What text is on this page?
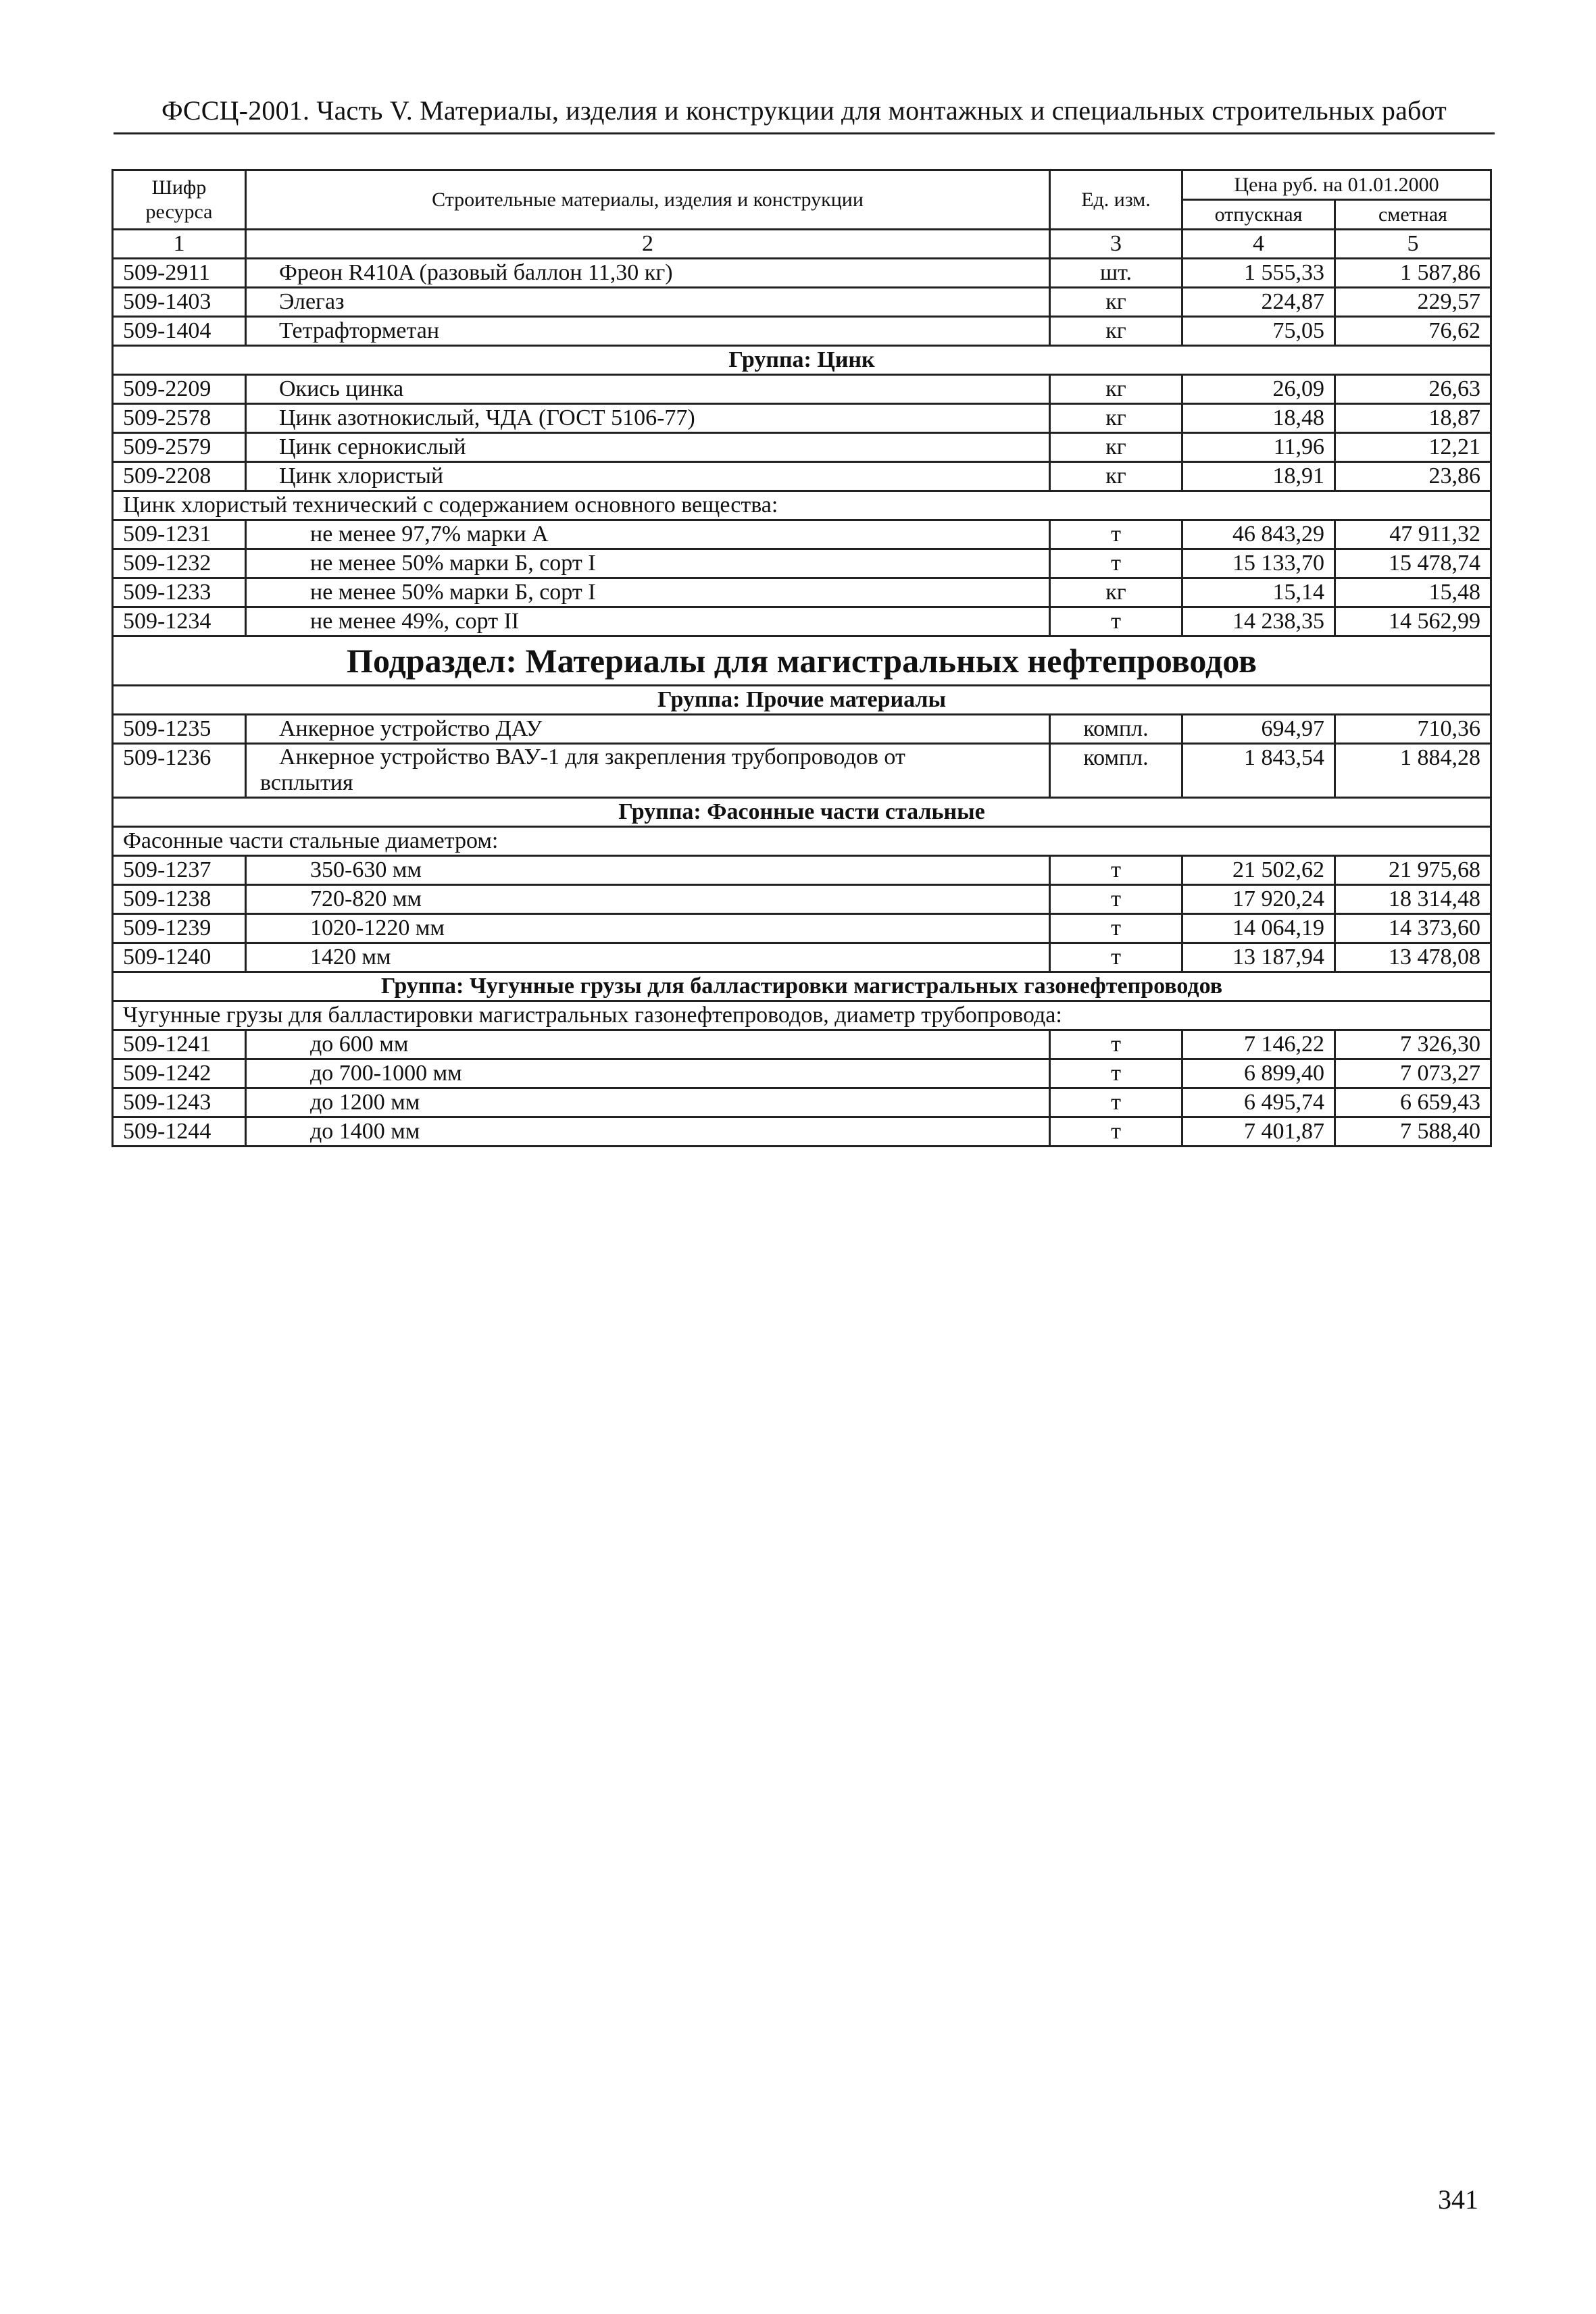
ФССЦ-2001. Часть V. Материалы, изделия и конструкции для монтажных и специальных строительных работ
Шифр ресурса	Строительные материалы, изделия и конструкции	Ед. изм.	Цена руб. на 01.01.2000	
			отпускная	сметная
1	2	3	4	5
509-2911	Фреон R410A (разовый баллон 11,30 кг)	шт.	1 555,33	1 587,86
509-1403	Элегаз	кг	224,87	229,57
509-1404	Тетрафторметан	кг	75,05	76,62
Группа: Цинк				
509-2209	Окись цинка	кг	26,09	26,63
509-2578	Цинк азотнокислый, ЧДА (ГОСТ 5106-77)	кг	18,48	18,87
509-2579	Цинк сернокислый	кг	11,96	12,21
509-2208	Цинк хлористый	кг	18,91	23,86
Цинк хлористый технический с содержанием основного вещества:				
509-1231	не менее 97,7% марки А	т	46 843,29	47 911,32
509-1232	не менее 50% марки Б, сорт I	т	15 133,70	15 478,74
509-1233	не менее 50% марки Б, сорт I	кг	15,14	15,48
509-1234	не менее 49%, сорт II	т	14 238,35	14 562,99
Подраздел: Материалы для магистральных нефтепроводов				
Группа: Прочие материалы				
509-1235	Анкерное устройство ДАУ	компл.	694,97	710,36
509-1236	Анкерное устройство ВАУ-1 для закрепления трубопроводов от
всплытия	компл.	1 843,54	1 884,28
Группа: Фасонные части стальные				
Фасонные части стальные диаметром:				
509-1237	350-630 мм	т	21 502,62	21 975,68
509-1238	720-820 мм	т	17 920,24	18 314,48
509-1239	1020-1220 мм	т	14 064,19	14 373,60
509-1240	1420 мм	т	13 187,94	13 478,08
Группа: Чугунные грузы для балластировки магистральных газонефтепроводов				
Чугунные грузы для балластировки магистральных газонефтепроводов, диаметр трубопровода:				
509-1241	до 600 мм	т	7 146,22	7 326,30
509-1242	до 700-1000 мм	т	6 899,40	7 073,27
509-1243	до 1200 мм	т	6 495,74	6 659,43
509-1244	до 1400 мм	т	7 401,87	7 588,40
341
